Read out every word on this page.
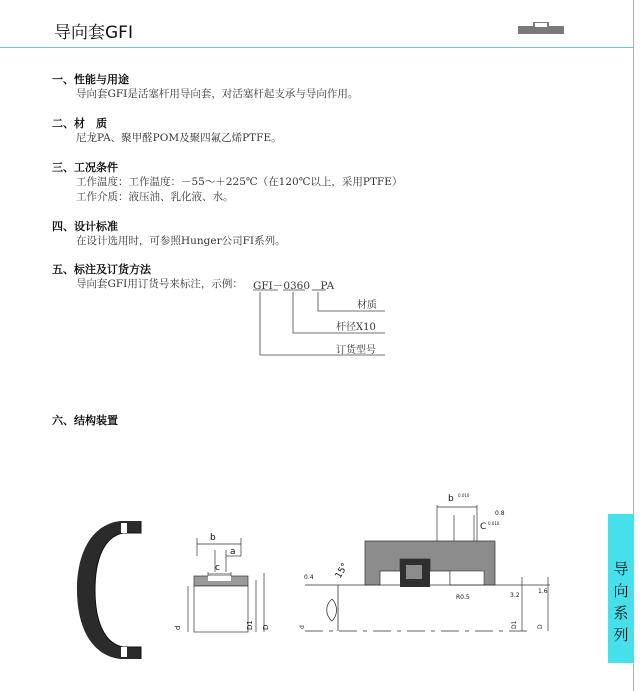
导向套GFI
一、性能与用途

导向套GFI是活塞杆用导向套，对活塞杆起支承与导向作用。

二、材　质

尼龙PA、聚甲醛POM及聚四氟乙烯PTFE。

三、工况条件

工作温度：工作温度：－55～＋225℃（在120℃以上，采用PTFE）

工作介质：液压油、乳化液、水。

四、设计标准

在设计选用时，可参照Hunger公司FI系列。

五、标注及订货方法

导向套GFI用订货号来标注，示例： GFI－0360　PA
材质
杆径X10
订货型号
六、结构装置
b
a
c
d	D1 D
b 0.010
C 0.010
0.8
R0.5
15°
0.4
d	D1	D
3.2
1.6
导
向
系
列
